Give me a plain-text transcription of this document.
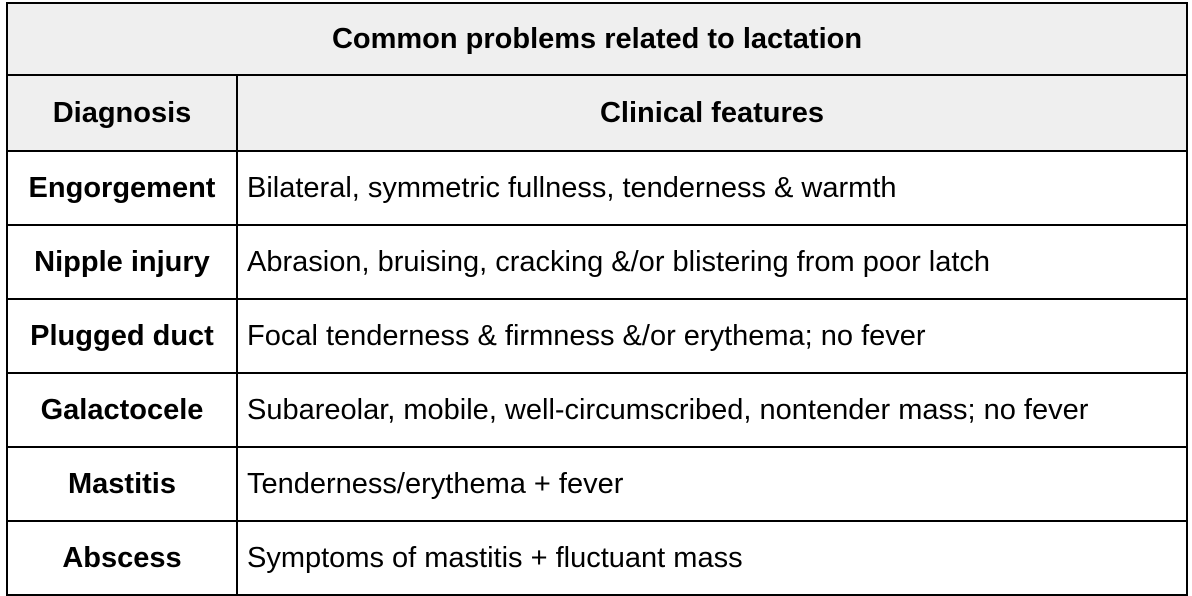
Common problems related to lactation	
Diagnosis	Clinical features
Engorgement	Bilateral, symmetric fullness, tenderness & warmth
Nipple injury	Abrasion, bruising, cracking &/or blistering from poor latch
Plugged duct	Focal tenderness & firmness &/or erythema; no fever
Galactocele	Subareolar, mobile, well-circumscribed, nontender mass; no fever
Mastitis	Tenderness/erythema + fever
Abscess	Symptoms of mastitis + fluctuant mass
